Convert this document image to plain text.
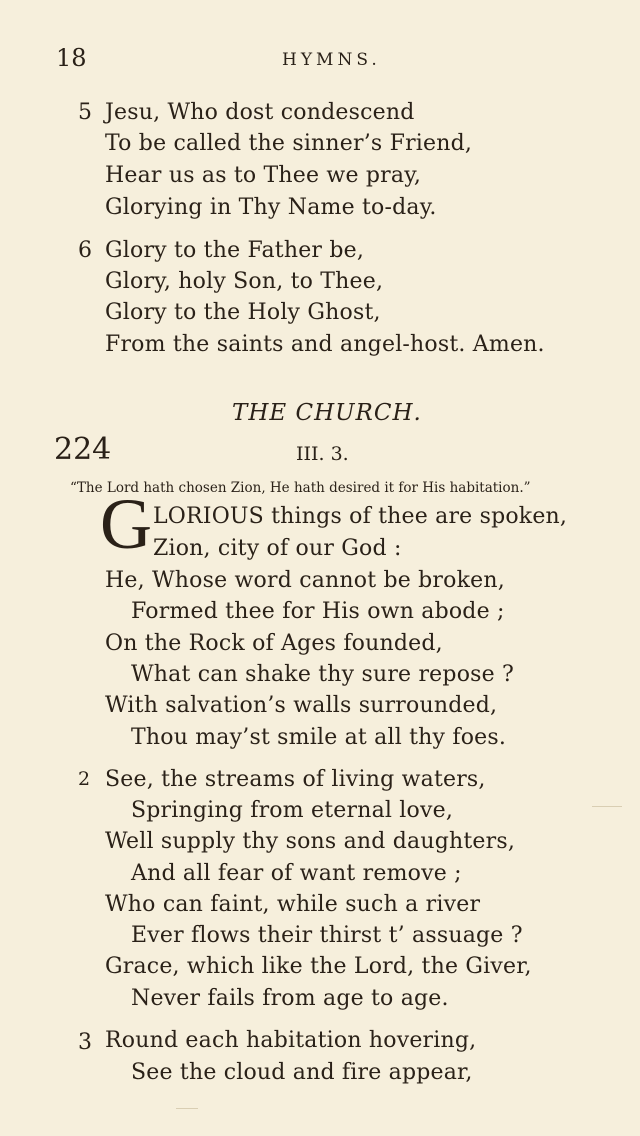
18	HYMNS.
5 Jesu, Who dost condescend
To be called the sinner’s Friend,
Hear us as to Thee we pray,
Glorying in Thy Name to-day.
6 Glory to the Father be,
Glory, holy Son, to Thee,
Glory to the Holy Ghost,
From the saints and angel-host. Amen.
THE CHURCH.
224	III. 3.
“The Lord hath chosen Zion, He hath desired it for His habitation.”
G LORIOUS things of thee are spoken,
Zion, city of our God :
He, Whose word cannot be broken,
Formed thee for His own abode ;
On the Rock of Ages founded,
What can shake thy sure repose ?
With salvation’s walls surrounded,
Thou may’st smile at all thy foes.
2 See, the streams of living waters,
Springing from eternal love,
Well supply thy sons and daughters,
And all fear of want remove ;
Who can faint, while such a river
Ever flows their thirst t’ assuage ?
Grace, which like the Lord, the Giver,
Never fails from age to age.
3 Round each habitation hovering,
See the cloud and fire appear,
